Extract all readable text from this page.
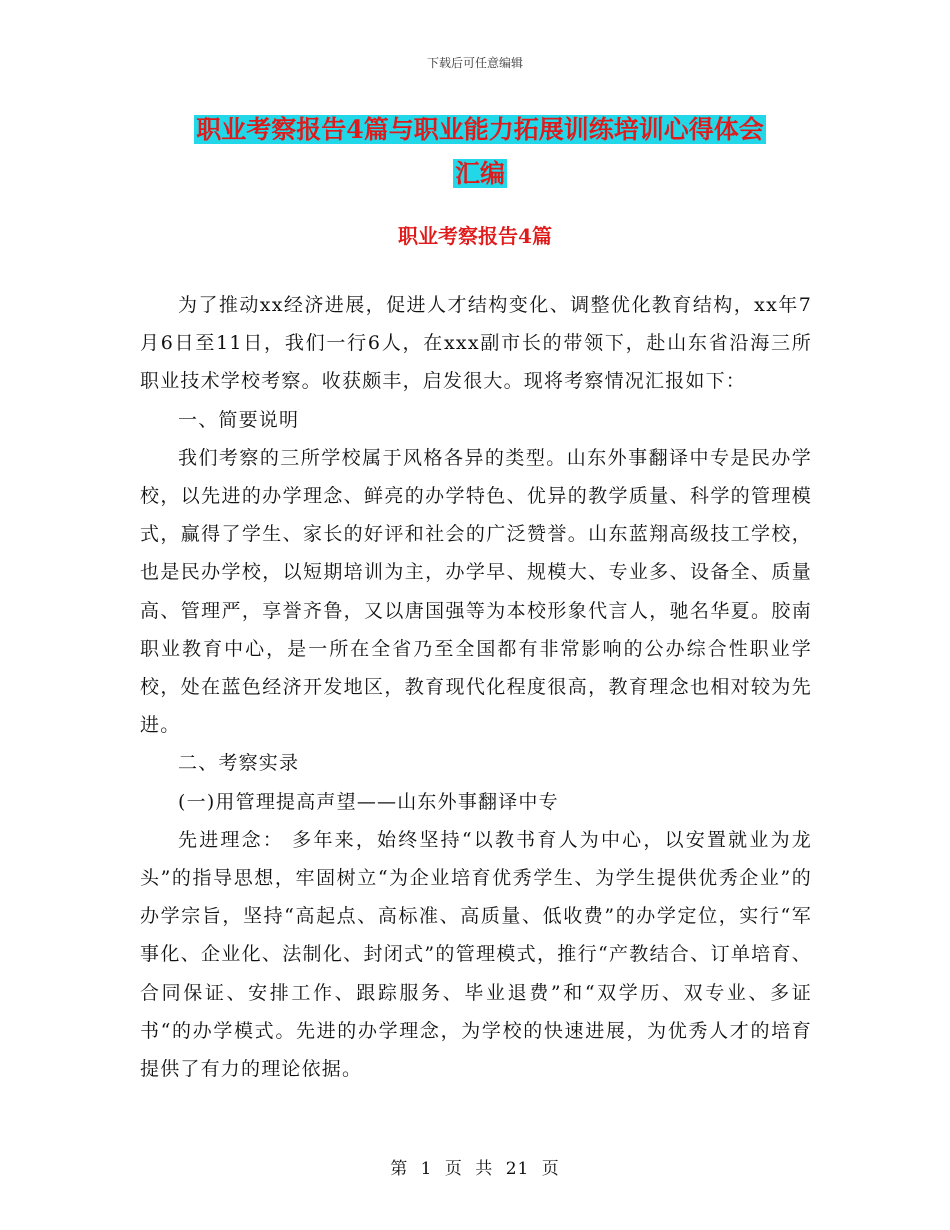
下载后可任意编辑
职业考察报告4篇与职业能力拓展训练培训心得体会
汇编
职业考察报告4篇

为了推动xx经济进展，促进人才结构变化、调整优化教育结构，xx年7月6日至11日，我们一行6人，在xxx副市长的带领下，赴山东省沿海三所职业技术学校考察。收获颇丰，启发很大。现将考察情况汇报如下：

一、简要说明

我们考察的三所学校属于风格各异的类型。山东外事翻译中专是民办学校，以先进的办学理念、鲜亮的办学特色、优异的教学质量、科学的管理模式，赢得了学生、家长的好评和社会的广泛赞誉。山东蓝翔高级技工学校，也是民办学校，以短期培训为主，办学早、规模大、专业多、设备全、质量高、管理严，享誉齐鲁，又以唐国强等为本校形象代言人，驰名华夏。胶南职业教育中心，是一所在全省乃至全国都有非常影响的公办综合性职业学校，处在蓝色经济开发地区，教育现代化程度很高，教育理念也相对较为先进。

二、考察实录

(一)用管理提高声望——山东外事翻译中专

先进理念： 多年来，始终坚持“以教书育人为中心，以安置就业为龙头”的指导思想，牢固树立“为企业培育优秀学生、为学生提供优秀企业”的办学宗旨，坚持“高起点、高标准、高质量、低收费”的办学定位，实行“军事化、企业化、法制化、封闭式”的管理模式，推行“产教结合、订单培育、合同保证、安排工作、跟踪服务、毕业退费”和“双学历、双专业、多证书“的办学模式。先进的办学理念，为学校的快速进展，为优秀人才的培育提供了有力的理论依据。

第 1 页 共 21 页
